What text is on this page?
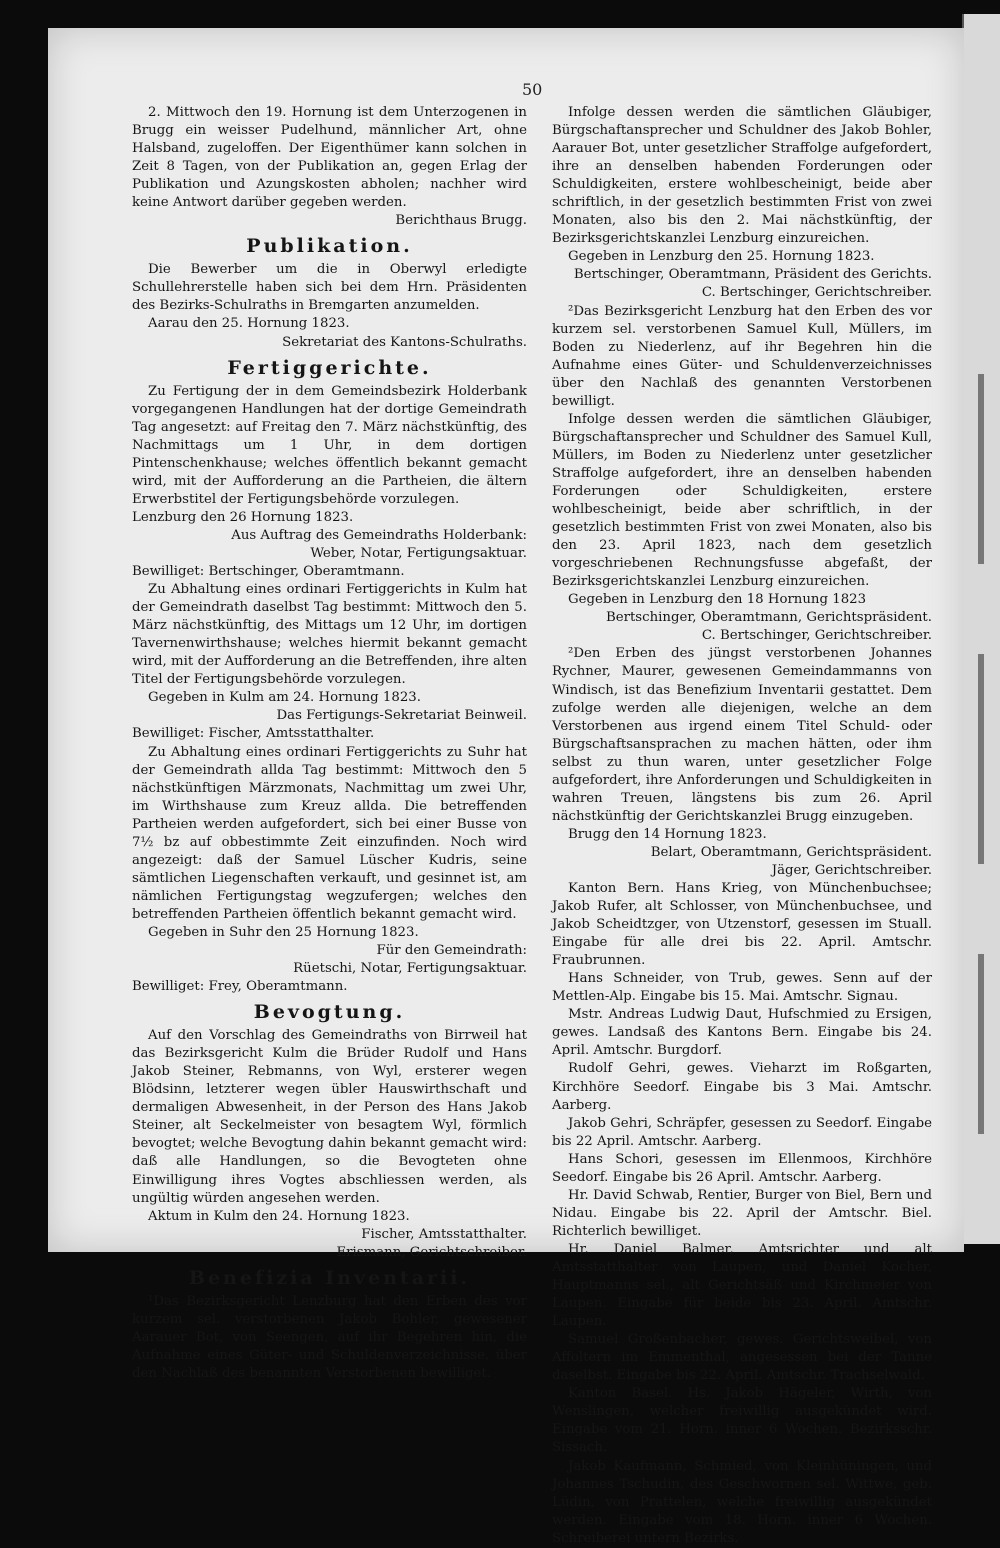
50

2. Mittwoch den 19. Hornung ist dem Unterzogenen in Brugg ein weisser Pudelhund, männlicher Art, ohne Halsband, zugeloffen. Der Eigenthümer kann solchen in Zeit 8 Tagen, von der Publikation an, gegen Erlag der Publikation und Azungskosten abholen; nachher wird keine Antwort darüber gegeben werden.

Berichthaus Brugg.

Publikation.

Die Bewerber um die in Oberwyl erledigte Schullehrerstelle haben sich bei dem Hrn. Präsidenten des Bezirks-Schulraths in Bremgarten anzumelden.

Aarau den 25. Hornung 1823.

Sekretariat des Kantons-Schulraths.

Fertiggerichte.

Zu Fertigung der in dem Gemeindsbezirk Holderbank vorgegangenen Handlungen hat der dortige Gemeindrath Tag angesetzt: auf Freitag den 7. März nächstkünftig, des Nachmittags um 1 Uhr, in dem dortigen Pintenschenkhause; welches öffentlich bekannt gemacht wird, mit der Aufforderung an die Partheien, die ältern Erwerbstitel der Fertigungsbehörde vorzulegen.

Lenzburg den 26 Hornung 1823.

Aus Auftrag des Gemeindraths Holderbank:

Weber, Notar, Fertigungsaktuar.

Bewilliget: Bertschinger, Oberamtmann.

Zu Abhaltung eines ordinari Fertiggerichts in Kulm hat der Gemeindrath daselbst Tag bestimmt: Mittwoch den 5. März nächstkünftig, des Mittags um 12 Uhr, im dortigen Tavernenwirthshause; welches hiermit bekannt gemacht wird, mit der Aufforderung an die Betreffenden, ihre alten Titel der Fertigungsbehörde vorzulegen.

Gegeben in Kulm am 24. Hornung 1823.

Das Fertigungs-Sekretariat Beinweil.

Bewilliget: Fischer, Amtsstatthalter.

Zu Abhaltung eines ordinari Fertiggerichts zu Suhr hat der Gemeindrath allda Tag bestimmt: Mittwoch den 5 nächstkünftigen Märzmonats, Nachmittag um zwei Uhr, im Wirthshause zum Kreuz allda. Die betreffenden Partheien werden aufgefordert, sich bei einer Busse von 7½ bz auf obbestimmte Zeit einzufinden. Noch wird angezeigt: daß der Samuel Lüscher Kudris, seine sämtlichen Liegenschaften verkauft, und gesinnet ist, am nämlichen Fertigungstag wegzufergen; welches den betreffenden Partheien öffentlich bekannt gemacht wird.

Gegeben in Suhr den 25 Hornung 1823.

Für den Gemeindrath:

Rüetschi, Notar, Fertigungsaktuar.

Bewilliget: Frey, Oberamtmann.

Bevogtung.

Auf den Vorschlag des Gemeindraths von Birrweil hat das Bezirksgericht Kulm die Brüder Rudolf und Hans Jakob Steiner, Rebmanns, von Wyl, ersterer wegen Blödsinn, letzterer wegen übler Hauswirthschaft und dermaligen Abwesenheit, in der Person des Hans Jakob Steiner, alt Seckelmeister von besagtem Wyl, förmlich bevogtet; welche Bevogtung dahin bekannt gemacht wird: daß alle Handlungen, so die Bevogteten ohne Einwilligung ihres Vogtes abschliessen werden, als ungültig würden angesehen werden.

Aktum in Kulm den 24. Hornung 1823.

Fischer, Amtsstatthalter.

Erismann, Gerichtschreiber.

Benefizia Inventarii.

¹Das Bezirksgericht Lenzburg hat den Erben des vor kurzem sel. verstorbenen Jakob Bohler, gewesener Aarauer Bot, von Seengen, auf ihr Begehren hin, die Aufnahme eines Güter- und Schuldenverzeichnisse, über den Nachlaß des benannten Verstorbenen bewilliget.

Infolge dessen werden die sämtlichen Gläubiger, Bürgschaftansprecher und Schuldner des Jakob Bohler, Aarauer Bot, unter gesetzlicher Straffolge aufgefordert, ihre an denselben habenden Forderungen oder Schuldigkeiten, erstere wohlbescheinigt, beide aber schriftlich, in der gesetzlich bestimmten Frist von zwei Monaten, also bis den 2. Mai nächstkünftig, der Bezirksgerichtskanzlei Lenzburg einzureichen.

Gegeben in Lenzburg den 25. Hornung 1823.

Bertschinger, Oberamtmann, Präsident des Gerichts.

C. Bertschinger, Gerichtschreiber.

²Das Bezirksgericht Lenzburg hat den Erben des vor kurzem sel. verstorbenen Samuel Kull, Müllers, im Boden zu Niederlenz, auf ihr Begehren hin die Aufnahme eines Güter- und Schuldenverzeichnisses über den Nachlaß des genannten Verstorbenen bewilligt.

Infolge dessen werden die sämtlichen Gläubiger, Bürgschaftansprecher und Schuldner des Samuel Kull, Müllers, im Boden zu Niederlenz unter gesetzlicher Straffolge aufgefordert, ihre an denselben habenden Forderungen oder Schuldigkeiten, erstere wohlbescheinigt, beide aber schriftlich, in der gesetzlich bestimmten Frist von zwei Monaten, also bis den 23. April 1823, nach dem gesetzlich vorgeschriebenen Rechnungsfusse abgefaßt, der Bezirksgerichtskanzlei Lenzburg einzureichen.

Gegeben in Lenzburg den 18 Hornung 1823

Bertschinger, Oberamtmann, Gerichtspräsident.

C. Bertschinger, Gerichtschreiber.

²Den Erben des jüngst verstorbenen Johannes Rychner, Maurer, gewesenen Gemeindammanns von Windisch, ist das Benefizium Inventarii gestattet. Dem zufolge werden alle diejenigen, welche an dem Verstorbenen aus irgend einem Titel Schuld- oder Bürgschaftsansprachen zu machen hätten, oder ihm selbst zu thun waren, unter gesetzlicher Folge aufgefordert, ihre Anforderungen und Schuldigkeiten in wahren Treuen, längstens bis zum 26. April nächstkünftig der Gerichtskanzlei Brugg einzugeben.

Brugg den 14 Hornung 1823.

Belart, Oberamtmann, Gerichtspräsident.

Jäger, Gerichtschreiber.

Kanton Bern. Hans Krieg, von Münchenbuchsee; Jakob Rufer, alt Schlosser, von Münchenbuchsee, und Jakob Scheidtzger, von Utzenstorf, gesessen im Stuall. Eingabe für alle drei bis 22. April. Amtschr. Fraubrunnen.

Hans Schneider, von Trub, gewes. Senn auf der Mettlen-Alp. Eingabe bis 15. Mai. Amtschr. Signau.

Mstr. Andreas Ludwig Daut, Hufschmied zu Ersigen, gewes. Landsaß des Kantons Bern. Eingabe bis 24. April. Amtschr. Burgdorf.

Rudolf Gehri, gewes. Vieharzt im Roßgarten, Kirchhöre Seedorf. Eingabe bis 3 Mai. Amtschr. Aarberg.

Jakob Gehri, Schräpfer, gesessen zu Seedorf. Eingabe bis 22 April. Amtschr. Aarberg.

Hans Schori, gesessen im Ellenmoos, Kirchhöre Seedorf. Eingabe bis 26 April. Amtschr. Aarberg.

Hr. David Schwab, Rentier, Burger von Biel, Bern und Nidau. Eingabe bis 22. April der Amtschr. Biel. Richterlich bewilliget.

Hr. Daniel Balmer, Amtsrichter und alt Amtsstatthalter von Laupen, und Daniel Kocher, Hauptmanns sel., alt Gerichtsäß und Kirchmeier von Laupen. Eingabe für beide bis 23. April. Amtschr. Laupen.

Samuel Großenbacher, gewes. Gerichtsweibel, von Affoltern im Emmenthal, angesessen bei der Tanne daselbst. Eingabe bis 22. April. Amtschr. Trachselwald.

Kanton Basel. Hs. Jakob Hägeler, Wirth, von Wenslingen, welcher freiwillig ausgekündet wird. Eingabe vom 21. Horn. inner 6 Wochen. Bezirksschr. Sissach.

Jakob Kaufmann, Schmied, von Kleinhüningen, und Johannes Tschudin, des Geschwornen sel. Wittwe, geb. Lüdin, von Prattelen, welche freiwillig ausgekündet werden. Eingabe vom 18. Horn. inner 6 Wochen. Schreiberei untern Bezirks.
